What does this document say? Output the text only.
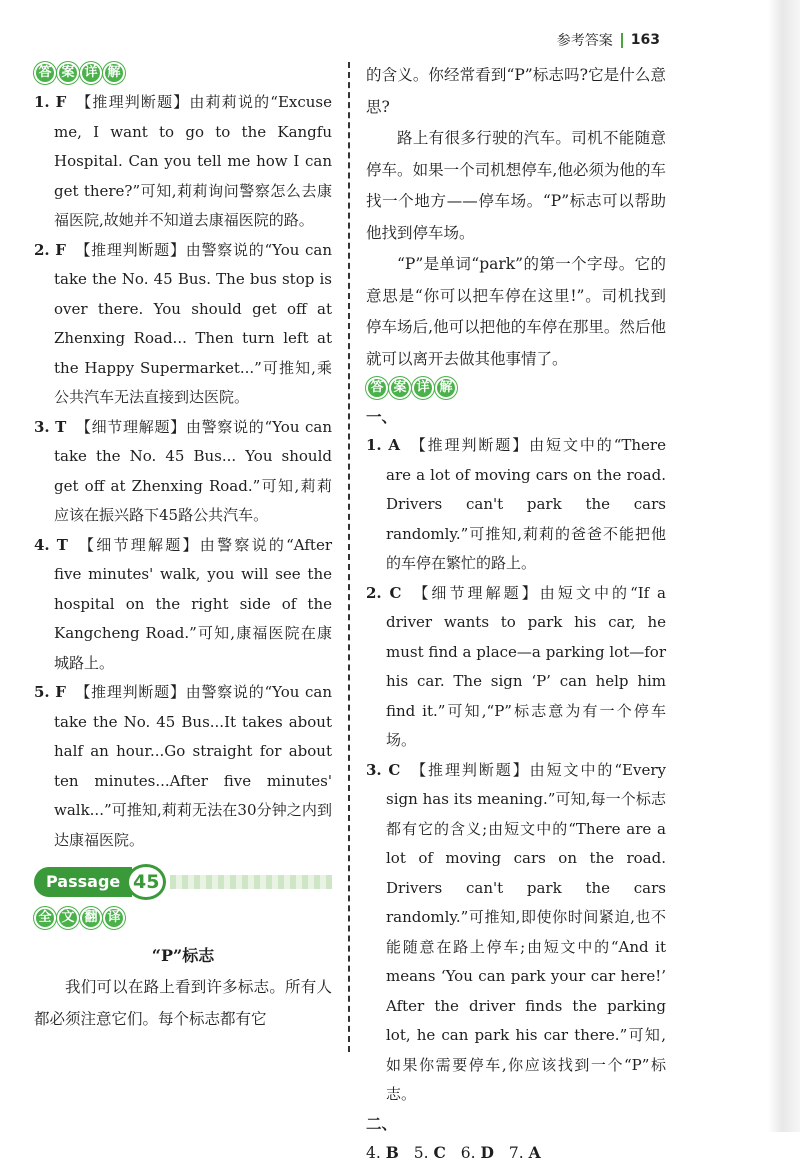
参考答案 163
答 案 详 解
1. F 【推理判断题】由莉莉说的“Excuse me, I want to go to the Kangfu Hospital. Can you tell me how I can get there?”可知,莉莉询问警察怎么去康福医院,故她并不知道去康福医院的路。
2. F 【推理判断题】由警察说的“You can take the No. 45 Bus. The bus stop is over there. You should get off at Zhenxing Road... Then turn left at the Happy Supermarket...”可推知,乘公共汽车无法直接到达医院。
3. T 【细节理解题】由警察说的“You can take the No. 45 Bus... You should get off at Zhenxing Road.”可知,莉莉应该在振兴路下45路公共汽车。
4. T 【细节理解题】由警察说的“After five minutes' walk, you will see the hospital on the right side of the Kangcheng Road.”可知,康福医院在康城路上。
5. F 【推理判断题】由警察说的“You can take the No. 45 Bus...It takes about half an hour...Go straight for about ten minutes...After five minutes' walk...”可推知,莉莉无法在30分钟之内到达康福医院。
Passage 45
全 文 翻 译
“P”标志

我们可以在路上看到许多标志。所有人都必须注意它们。每个标志都有它

的含义。你经常看到“P”标志吗?它是什么意思?

路上有很多行驶的汽车。司机不能随意停车。如果一个司机想停车,他必须为他的车找一个地方——停车场。“P”标志可以帮助他找到停车场。

“P”是单词“park”的第一个字母。它的意思是“你可以把车停在这里!”。司机找到停车场后,他可以把他的车停在那里。然后他就可以离开去做其他事情了。

答 案 详 解
一、
1. A 【推理判断题】由短文中的“There are a lot of moving cars on the road. Drivers can't park the cars randomly.”可推知,莉莉的爸爸不能把他的车停在繁忙的路上。
2. C 【细节理解题】由短文中的“If a driver wants to park his car, he must find a place—a parking lot—for his car. The sign ‘P’ can help him find it.”可知,“P”标志意为有一个停车场。
3. C 【推理判断题】由短文中的“Every sign has its meaning.”可知,每一个标志都有它的含义;由短文中的“There are a lot of moving cars on the road. Drivers can't park the cars randomly.”可推知,即使你时间紧迫,也不能随意在路上停车;由短文中的“And it means ‘You can park your car here!’ After the driver finds the parking lot, he can park his car there.”可知,如果你需要停车,你应该找到一个“P”标志。
二、
4. B 5. C 6. D 7. A
